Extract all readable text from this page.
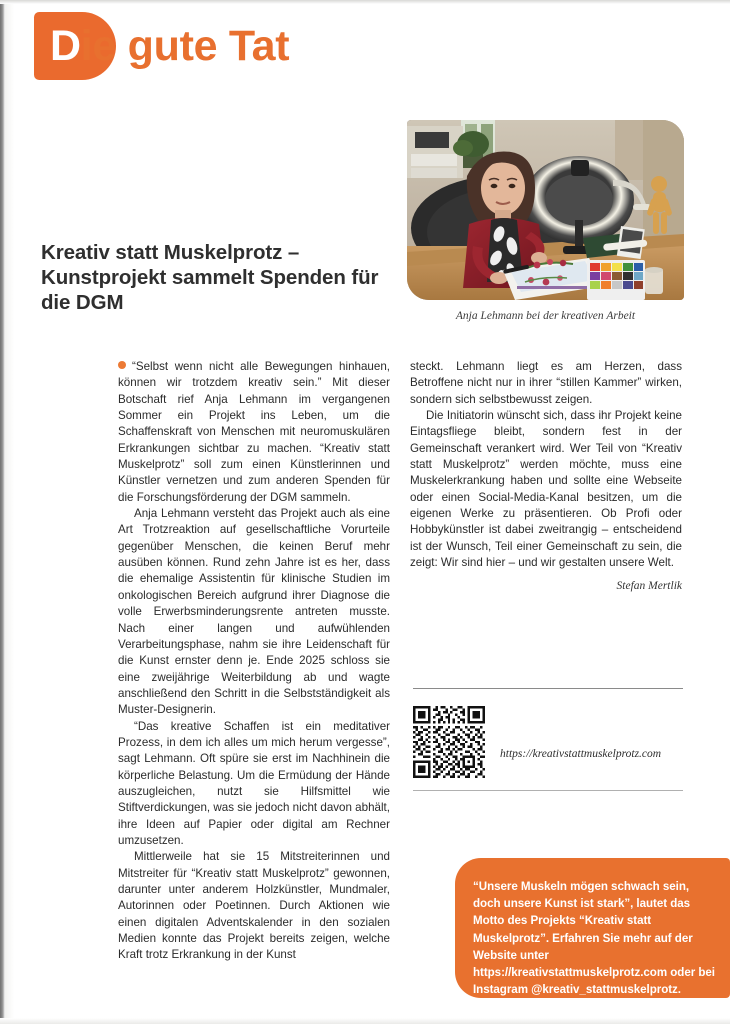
Die gute Tat
Anja Lehmann bei der kreativen Arbeit
Kreativ statt Muskelprotz – Kunstprojekt sammelt Spenden für die DGM

“Selbst wenn nicht alle Bewegungen hinhauen, können wir trotzdem kreativ sein.” Mit dieser Botschaft rief Anja Lehmann im vergangenen Sommer ein Projekt ins Leben, um die Schaffenskraft von Menschen mit neuromuskulären Erkrankungen sichtbar zu machen. “Kreativ statt Muskelprotz” soll zum einen Künstlerinnen und Künstler vernetzen und zum anderen Spenden für die Forschungsförderung der DGM sammeln.

Anja Lehmann versteht das Projekt auch als eine Art Trotzreaktion auf gesellschaftliche Vorurteile gegenüber Menschen, die keinen Beruf mehr ausüben können. Rund zehn Jahre ist es her, dass die ehemalige Assistentin für klinische Studien im onkologischen Bereich aufgrund ihrer Diagnose die volle Erwerbsminderungsrente antreten musste. Nach einer langen und aufwühlenden Verarbeitungsphase, nahm sie ihre Leidenschaft für die Kunst ernster denn je. Ende 2025 schloss sie eine zweijährige Weiterbildung ab und wagte anschließend den Schritt in die Selbstständigkeit als Muster-Designerin.

“Das kreative Schaffen ist ein meditativer Prozess, in dem ich alles um mich herum vergesse”, sagt Lehmann. Oft spüre sie erst im Nachhinein die körperliche Belastung. Um die Ermüdung der Hände auszugleichen, nutzt sie Hilfsmittel wie Stiftverdickungen, was sie jedoch nicht davon abhält, ihre Ideen auf Papier oder digital am Rechner umzusetzen.

Mittlerweile hat sie 15 Mitstreiterinnen und Mitstreiter für “Kreativ statt Muskelprotz” gewonnen, darunter unter anderem Holzkünstler, Mundmaler, Autorinnen oder Poetinnen. Durch Aktionen wie einen digitalen Adventskalender in den sozialen Medien konnte das Projekt bereits zeigen, welche Kraft trotz Erkrankung in der Kunst

steckt. Lehmann liegt es am Herzen, dass Betroffene nicht nur in ihrer “stillen Kammer” wirken, sondern sich selbstbewusst zeigen.

Die Initiatorin wünscht sich, dass ihr Projekt keine Eintagsfliege bleibt, sondern fest in der Gemeinschaft verankert wird. Wer Teil von “Kreativ statt Muskelprotz” werden möchte, muss eine Muskelerkrankung haben und sollte eine Webseite oder einen Social-Media-Kanal besitzen, um die eigenen Werke zu präsentieren. Ob Profi oder Hobbykünstler ist dabei zweitrangig – entscheidend ist der Wunsch, Teil einer Gemeinschaft zu sein, die zeigt: Wir sind hier – und wir gestalten unsere Welt.

Stefan Mertlik
https://kreativstattmuskelprotz.com
“Unsere Muskeln mögen schwach sein, doch unsere Kunst ist stark”, lautet das Motto des Projekts “Kreativ statt Muskelprotz”. Erfahren Sie mehr auf der Website unter https://kreativstattmuskelprotz.com oder bei Instagram @kreativ_stattmuskelprotz.
